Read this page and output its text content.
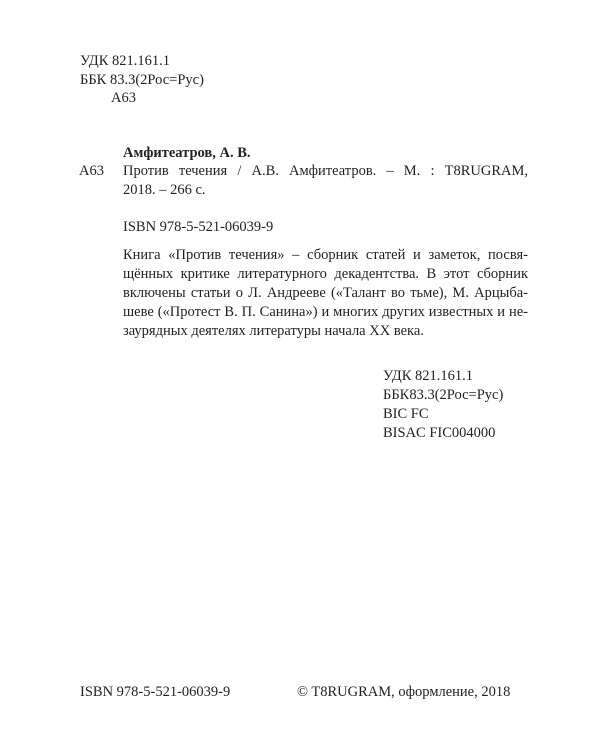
УДК 821.161.1
ББК 83.3(2Рос=Рус)
А63
Амфитеатров, А. В.
А63 Против течения / А.В. Амфитеатров. – М. : T8RUGRAM,
2018. – 266 с.
ISBN 978-5-521-06039-9
Книга «Против течения» – сборник статей и заметок, посвя-
щённых критике литературного декадентства. В этот сборник
включены статьи о Л. Андрееве («Талант во тьме), М. Арцыба-
шеве («Протест В. П. Санина») и многих других известных и не-
заурядных деятелях литературы начала XX века.
УДК 821.161.1
ББК83.3(2Рос=Рус)
BIC FC
BISAC FIC004000
ISBN 978-5-521-06039-9	© T8RUGRAM, оформление, 2018
